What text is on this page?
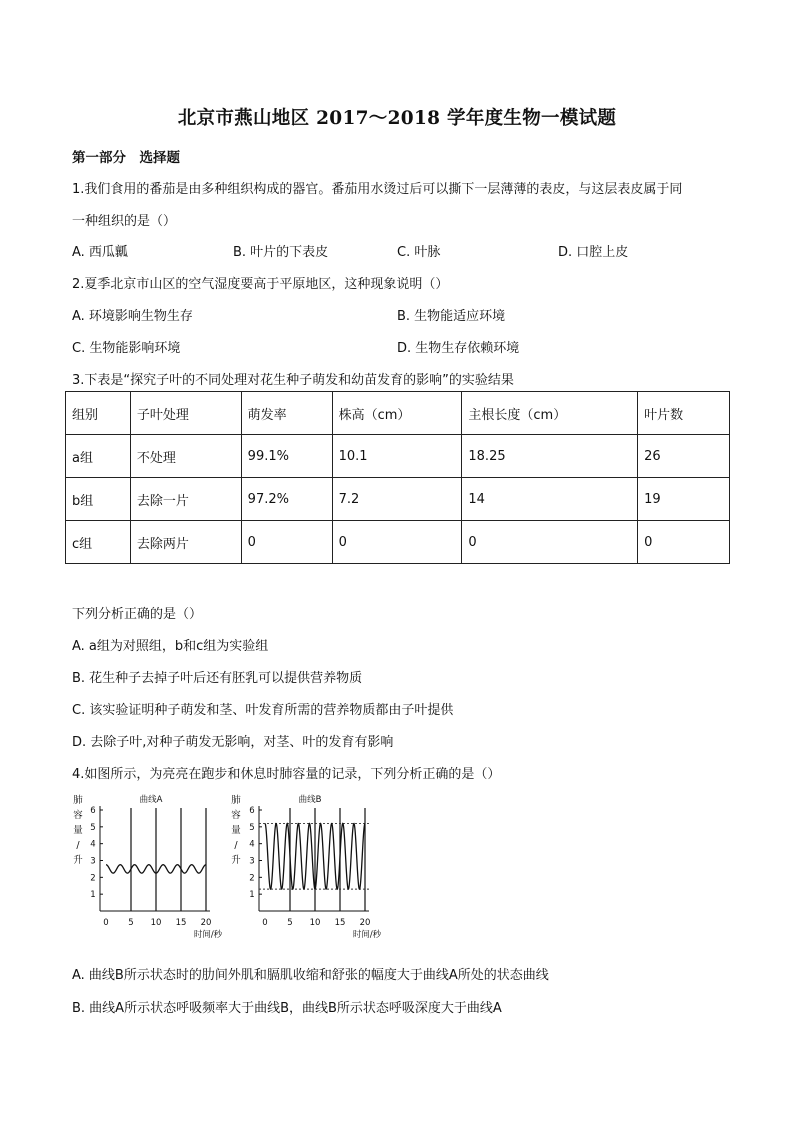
北京市燕山地区 2017～2018 学年度生物一模试题
第一部分　选择题
1.我们食用的番茄是由多种组织构成的器官。番茄用水烫过后可以撕下一层薄薄的表皮，与这层表皮属于同
一种组织的是（）
A. 西瓜瓤	B. 叶片的下表皮	C. 叶脉	D. 口腔上皮
2.夏季北京市山区的空气湿度要高于平原地区，这种现象说明（）
A. 环境影响生物生存	B. 生物能适应环境
C. 生物能影响环境	D. 生物生存依赖环境
3.下表是“探究子叶的不同处理对花生种子萌发和幼苗发育的影响”的实验结果
组别	子叶处理	萌发率	株高（cm）	主根长度（cm）	叶片数
a组	不处理	99.1%	10.1	18.25	26
b组	去除一片	97.2%	7.2	14	19
c组	去除两片	0	0	0	0
下列分析正确的是（）
A. a组为对照组，b和c组为实验组
B. 花生种子去掉子叶后还有胚乳可以提供营养物质
C. 该实验证明种子萌发和茎、叶发育所需的营养物质都由子叶提供
D. 去除子叶,对种子萌发无影响，对茎、叶的发育有影响
4.如图所示，为亮亮在跑步和休息时肺容量的记录，下列分析正确的是（）
肺
容
量
/
升
曲线A
1
2
3
4
5
6
0 5 10 15 20
时间/秒
肺
容
量
/
升
曲线B
1
2
3
4
5
6
0 5 10 15 20
时间/秒
A. 曲线B所示状态时的肋间外肌和膈肌收缩和舒张的幅度大于曲线A所处的状态曲线
B. 曲线A所示状态呼吸频率大于曲线B，曲线B所示状态呼吸深度大于曲线A
